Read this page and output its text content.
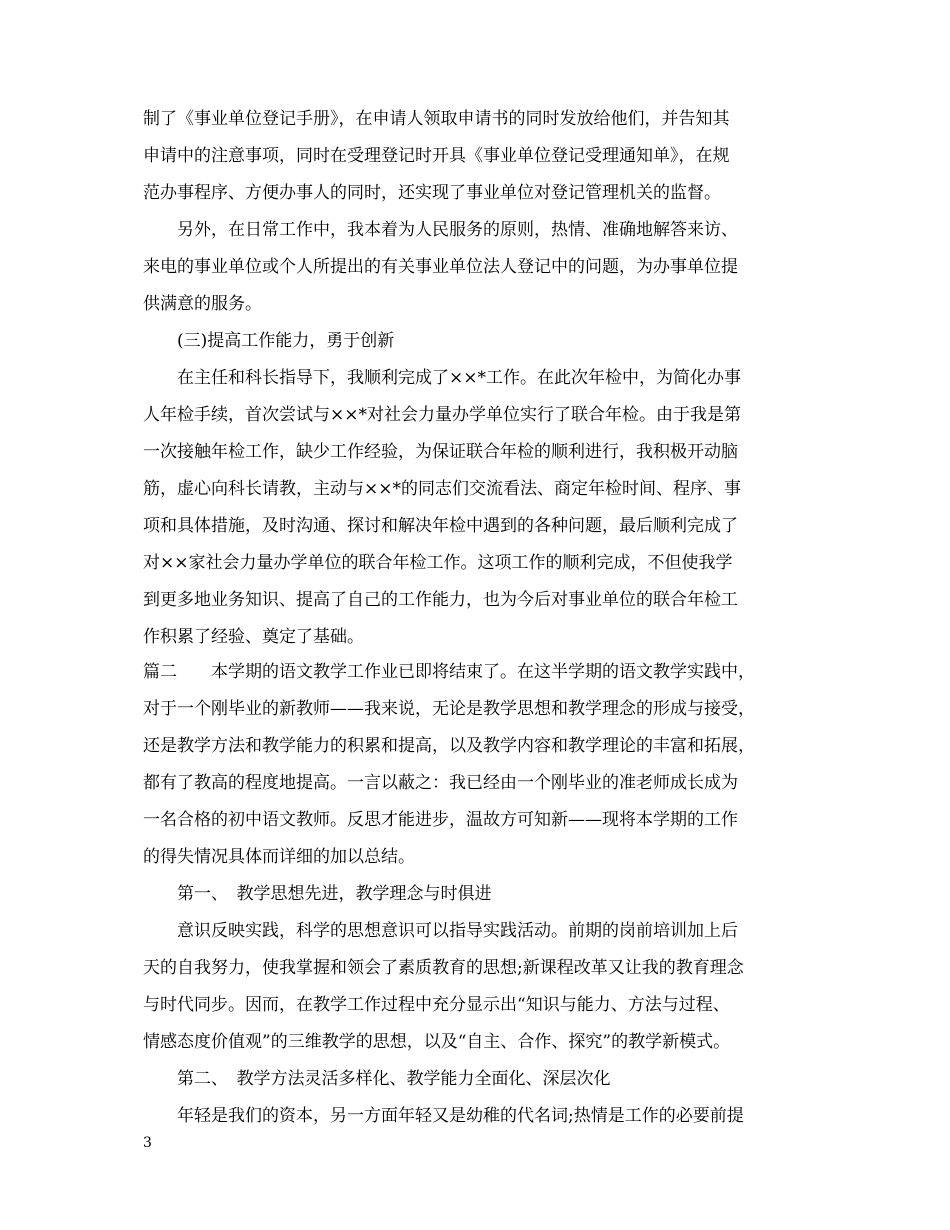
制了《事业单位登记手册》，在申请人领取申请书的同时发放给他们，并告知其
申请中的注意事项，同时在受理登记时开具《事业单位登记受理通知单》，在规
范办事程序、方便办事人的同时，还实现了事业单位对登记管理机关的监督。
另外，在日常工作中，我本着为人民服务的原则，热情、准确地解答来访、
来电的事业单位或个人所提出的有关事业单位法人登记中的问题，为办事单位提
供满意的服务。
(三)提高工作能力，勇于创新
在主任和科长指导下，我顺利完成了××*工作。在此次年检中，为简化办事
人年检手续，首次尝试与××*对社会力量办学单位实行了联合年检。由于我是第
一次接触年检工作，缺少工作经验，为保证联合年检的顺利进行，我积极开动脑
筋，虚心向科长请教，主动与××*的同志们交流看法、商定年检时间、程序、事
项和具体措施，及时沟通、探讨和解决年检中遇到的各种问题，最后顺利完成了
对××家社会力量办学单位的联合年检工作。这项工作的顺利完成，不但使我学
到更多地业务知识、提高了自己的工作能力，也为今后对事业单位的联合年检工
作积累了经验、奠定了基础。
篇二　　本学期的语文教学工作业已即将结束了。在这半学期的语文教学实践中，
对于一个刚毕业的新教师——我来说，无论是教学思想和教学理念的形成与接受，
还是教学方法和教学能力的积累和提高，以及教学内容和教学理论的丰富和拓展，
都有了教高的程度地提高。一言以蔽之：我已经由一个刚毕业的准老师成长成为
一名合格的初中语文教师。反思才能进步，温故方可知新——现将本学期的工作
的得失情况具体而详细的加以总结。
第一、　教学思想先进，教学理念与时俱进
意识反映实践，科学的思想意识可以指导实践活动。前期的岗前培训加上后
天的自我努力，使我掌握和领会了素质教育的思想;新课程改革又让我的教育理念
与时代同步。因而，在教学工作过程中充分显示出“知识与能力、方法与过程、
情感态度价值观”的三维教学的思想，以及“自主、合作、探究”的教学新模式。
第二、　教学方法灵活多样化、教学能力全面化、深层次化
年轻是我们的资本，另一方面年轻又是幼稚的代名词;热情是工作的必要前提
3
